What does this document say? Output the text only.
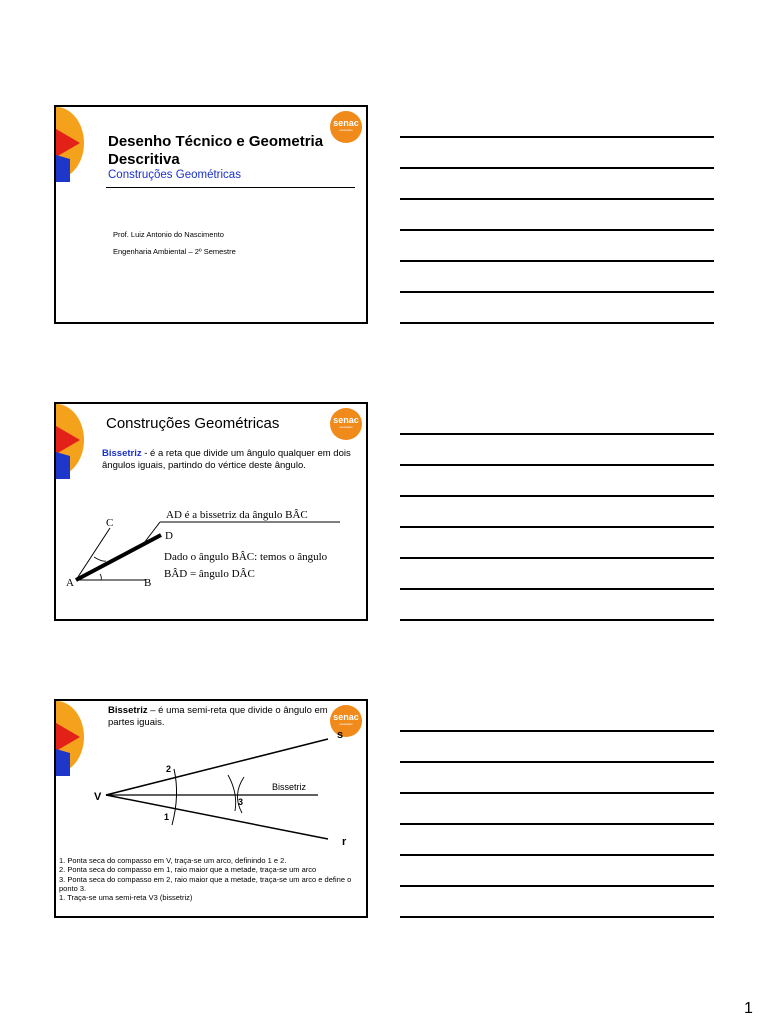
senac
educação
Desenho Técnico e Geometria Descritiva
Construções Geométricas
Prof. Luiz Antonio do Nascimento
Engenharia Ambiental – 2º Semestre
senac
educação
Construções Geométricas
Bissetriz - é a reta que divide um ângulo qualquer em dois ângulos iguais, partindo do vértice deste ângulo.
A	B
C
D
AD é a bissetriz da ângulo BÂC
Dado o ângulo BÂC: temos o ângulo
BÂD = ângulo DÂC
senac
educação
Bissetriz – é uma semi-reta que divide o ângulo em partes iguais.
V
s
r
2
1
3
Bissetriz
1. Ponta seca do compasso em V, traça-se um arco, definindo 1 e 2.
2. Ponta seca do compasso em 1, raio maior que a metade, traça-se um arco
3. Ponta seca do compasso em 2, raio maior que a metade, traça-se um arco e define o ponto 3.
1. Traça-se uma semi-reta V3 (bissetriz)
1
